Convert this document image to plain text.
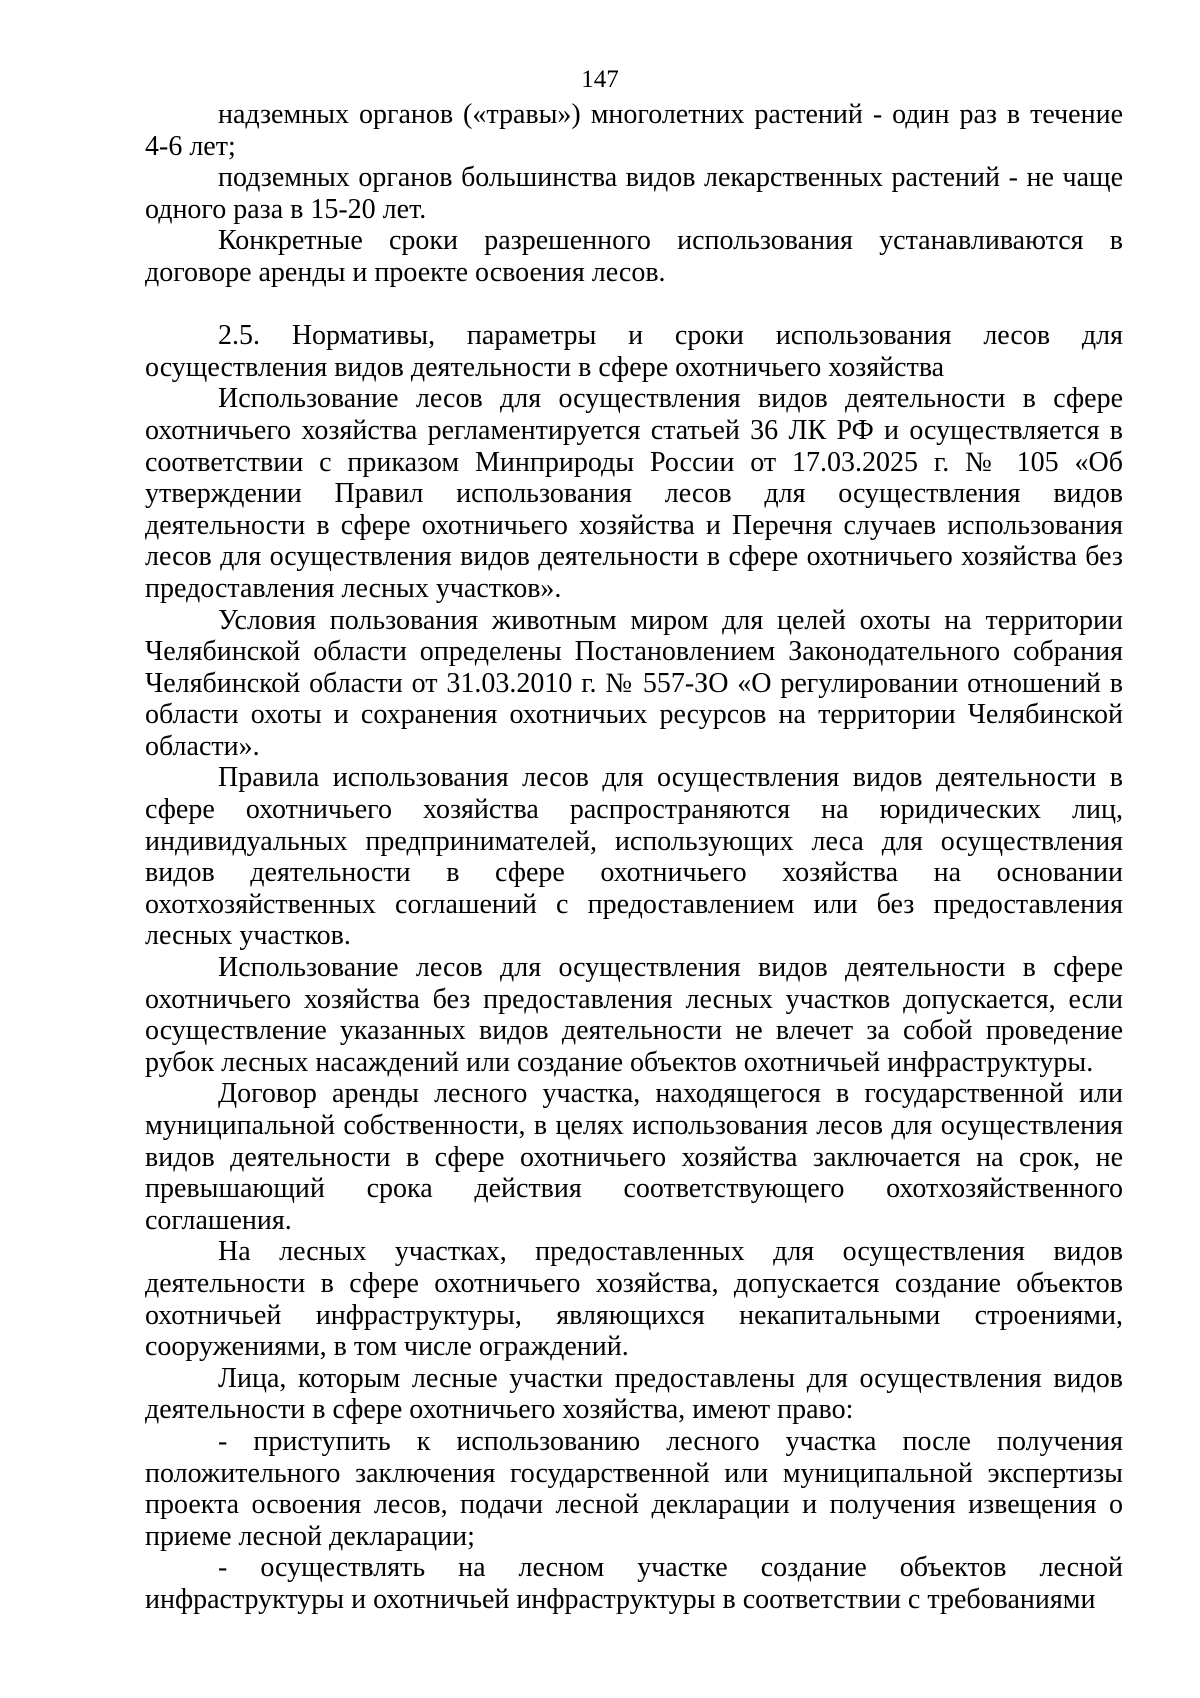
147

надземных органов («травы») многолетних растений - один раз в течение 4-6 лет;

подземных органов большинства видов лекарственных растений - не чаще одного раза в 15-20 лет.

Конкретные сроки разрешенного использования устанавливаются в договоре аренды и проекте освоения лесов.

2.5. Нормативы, параметры и сроки использования лесов для осуществления видов деятельности в сфере охотничьего хозяйства

Использование лесов для осуществления видов деятельности в сфере охотничьего хозяйства регламентируется статьей 36 ЛК РФ и осуществляется в соответствии с приказом Минприроды России от 17.03.2025 г. № 105 «Об утверждении Правил использования лесов для осуществления видов деятельности в сфере охотничьего хозяйства и Перечня случаев использования лесов для осуществления видов деятельности в сфере охотничьего хозяйства без предоставления лесных участков».

Условия пользования животным миром для целей охоты на территории Челябинской области определены Постановлением Законодательного собрания Челябинской области от 31.03.2010 г. № 557-ЗО «О регулировании отношений в области охоты и сохранения охотничьих ресурсов на территории Челябинской области».

Правила использования лесов для осуществления видов деятельности в сфере охотничьего хозяйства распространяются на юридических лиц, индивидуальных предпринимателей, использующих леса для осуществления видов деятельности в сфере охотничьего хозяйства на основании охотхозяйственных соглашений с предоставлением или без предоставления лесных участков.

Использование лесов для осуществления видов деятельности в сфере охотничьего хозяйства без предоставления лесных участков допускается, если осуществление указанных видов деятельности не влечет за собой проведение рубок лесных насаждений или создание объектов охотничьей инфраструктуры.

Договор аренды лесного участка, находящегося в государственной или муниципальной собственности, в целях использования лесов для осуществления видов деятельности в сфере охотничьего хозяйства заключается на срок, не превышающий срока действия соответствующего охотхозяйственного соглашения.

На лесных участках, предоставленных для осуществления видов деятельности в сфере охотничьего хозяйства, допускается создание объектов охотничьей инфраструктуры, являющихся некапитальными строениями, сооружениями, в том числе ограждений.

Лица, которым лесные участки предоставлены для осуществления видов деятельности в сфере охотничьего хозяйства, имеют право:

- приступить к использованию лесного участка после получения положительного заключения государственной или муниципальной экспертизы проекта освоения лесов, подачи лесной декларации и получения извещения о приеме лесной декларации;

- осуществлять на лесном участке создание объектов лесной инфраструктуры и охотничьей инфраструктуры в соответствии с требованиями
